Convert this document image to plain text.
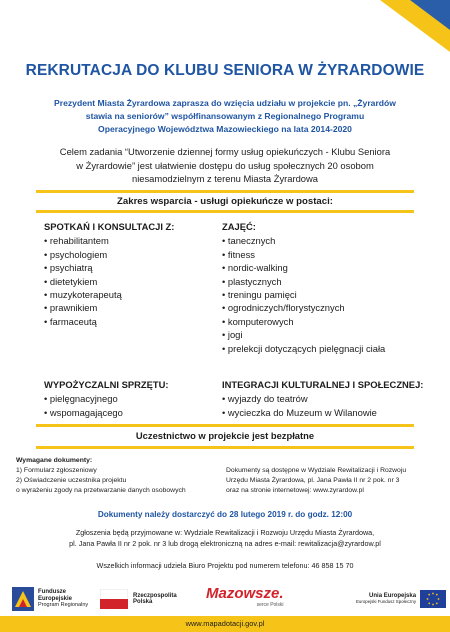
REKRUTACJA DO KLUBU SENIORA W ŻYRARDOWIE
Prezydent Miasta Żyrardowa zaprasza do wzięcia udziału w projekcie pn. „Żyrardów
stawia na seniorów” współfinansowanym z Regionalnego Programu
Operacyjnego Województwa Mazowieckiego na lata 2014-2020
Celem zadania “Utworzenie dziennej formy usług opiekuńczych - Klubu Seniora
w Żyrardowie” jest ułatwienie dostępu do usług społecznych 20 osobom
niesamodzielnym z terenu Miasta Żyrardowa
Zakres wsparcia - usługi opiekuńcze w postaci:
SPOTKAŃ I KONSULTACJI Z:
• rehabilitantem
• psychologiem
• psychiatrą
• dietetykiem
• muzykoterapeutą
• prawnikiem
• farmaceutą
ZAJĘĆ:
• tanecznych
• fitness
• nordic-walking
• plastycznych
• treningu pamięci
• ogrodniczych/florystycznych
• komputerowych
• jogi
• prelekcji dotyczących pielęgnacji ciała
WYPOŻYCZALNI SPRZĘTU:
• pielęgnacyjnego
• wspomagającego
INTEGRACJI KULTURALNEJ I SPOŁECZNEJ:
• wyjazdy do teatrów
• wycieczka do Muzeum w Wilanowie
Uczestnictwo w projekcie jest bezpłatne
Wymagane dokumenty:
1) Formularz zgłoszeniowy
2) Oświadczenie uczestnika projektu
o wyrażeniu zgody na przetwarzanie danych osobowych
Dokumenty są dostępne w Wydziale Rewitalizacji i Rozwoju
Urzędu Miasta Żyrardowa, pl. Jana Pawła II nr 2 pok. nr 3
oraz na stronie internetowej: www.zyrardow.pl
Dokumenty należy dostarczyć do 28 lutego 2019 r. do godz. 12:00
Zgłoszenia będą przyjmowane w: Wydziale Rewitalizacji i Rozwoju Urzędu Miasta Żyrardowa,
pl. Jana Pawła II nr 2 pok. nr 3 lub drogą elektroniczną na adres e-mail: rewitalizacja@zyrardow.pl
Wszelkich informacji udziela Biuro Projektu pod numerem telefonu: 46 858 15 70
Fundusze
Europejskie
Program Regionalny
Rzeczpospolita
Polska	Mazowsze.
serce Polski
Unia Europejska
Europejski Fundusz Społeczny
www.mapadotacji.gov.pl
